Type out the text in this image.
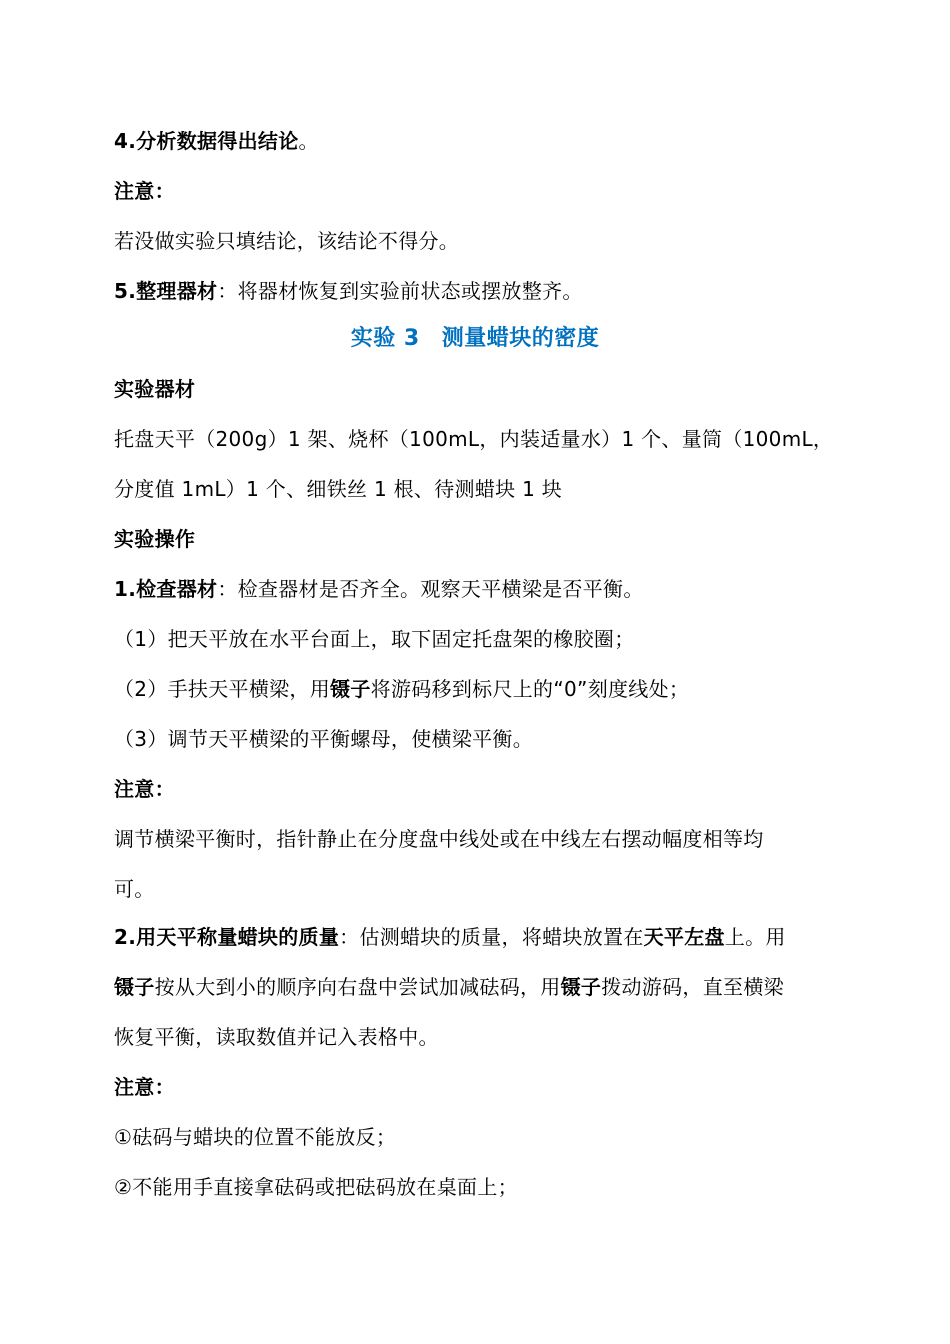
4.分析数据得出结论。
注意：
若没做实验只填结论，该结论不得分。
5.整理器材：将器材恢复到实验前状态或摆放整齐。
实验 3 测量蜡块的密度
实验器材
托盘天平（200g）1 架、烧杯（100mL，内装适量水）1 个、量筒（100mL，
分度值 1mL）1 个、细铁丝 1 根、待测蜡块 1 块
实验操作
1.检查器材：检查器材是否齐全。观察天平横梁是否平衡。
（1）把天平放在水平台面上，取下固定托盘架的橡胶圈；
（2）手扶天平横梁，用镊子将游码移到标尺上的“0”刻度线处；
（3）调节天平横梁的平衡螺母，使横梁平衡。
注意：
调节横梁平衡时，指针静止在分度盘中线处或在中线左右摆动幅度相等均
可。
2.用天平称量蜡块的质量：估测蜡块的质量，将蜡块放置在天平左盘上。用
镊子按从大到小的顺序向右盘中尝试加减砝码，用镊子拨动游码，直至横梁
恢复平衡，读取数值并记入表格中。
注意：
①砝码与蜡块的位置不能放反；
②不能用手直接拿砝码或把砝码放在桌面上；
